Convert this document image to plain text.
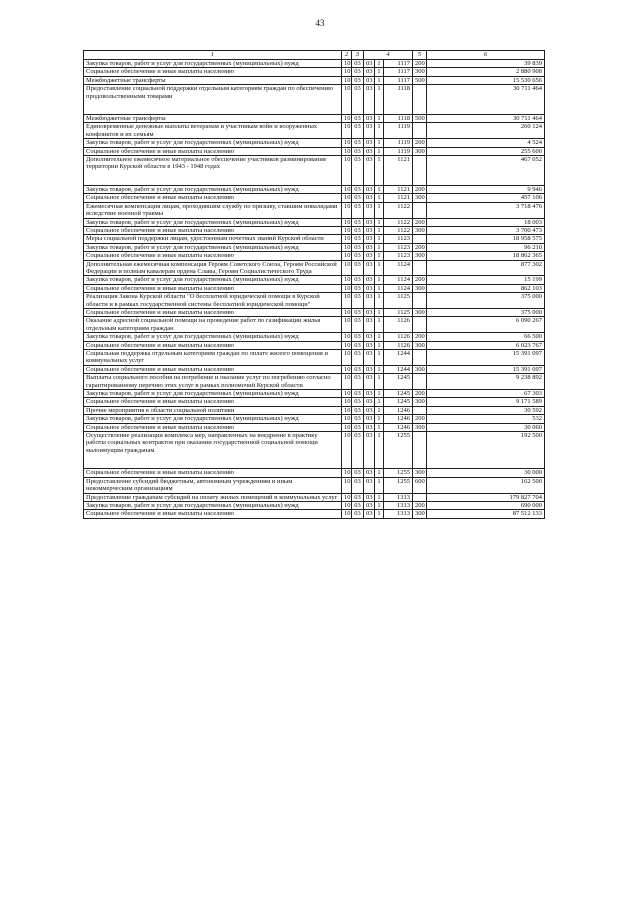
43
1	2	3	4			5	6
Закупка товаров, работ и услуг для государственных (муниципальных) нужд	10	03	03	1	1117	200	39 839
Социальное обеспечение и иные выплаты населению	10	03	03	1	1117	300	2 880 908
Межбюджетные трансферты	10	03	03	1	1117	500	15 530 656
Предоставление социальной поддержки отдельным категориям граждан по обеспечению продовольственными товарами	10	03	03	1	1118		30 711 464
Межбюджетные трансферты	10	03	03	1	1118	500	30 711 464
Единовременные денежные выплаты ветеранам и участникам войн и вооруженных конфликтов и их семьям	10	03	03	1	1119		260 124
Закупка товаров, работ и услуг для государственных (муниципальных) нужд	10	03	03	1	1119	200	4 524
Социальное обеспечение и иные выплаты населению	10	03	03	1	1119	300	255 600
Дополнительное ежемесячное материальное обеспечение участников разминирования территории Курской области в 1943 - 1948 годах	10	03	03	1	1121		467 052
Закупка товаров, работ и услуг для государственных (муниципальных) нужд	10	03	03	1	1121	200	9 946
Социальное обеспечение и иные выплаты населению	10	03	03	1	1121	300	457 106
Ежемесячная компенсация лицам, проходившим службу по призыву, ставшим инвалидами вследствие военной травмы	10	03	03	1	1122		3 718 476
Закупка товаров, работ и услуг для государственных (муниципальных) нужд	10	03	03	1	1122	200	18 003
Социальное обеспечение и иные выплаты населению	10	03	03	1	1122	300	3 700 473
Меры социальной поддержки лицам, удостоенным почетных званий Курской области	10	03	03	1	1123		18 958 575
Закупка товаров, работ и услуг для государственных (муниципальных) нужд	10	03	03	1	1123	200	96 210
Социальное обеспечение и иные выплаты населению	10	03	03	1	1123	300	18 862 365
Дополнительная ежемесячная компенсация Героям Советского Союза, Героям Российской Федерации и полным кавалерам ордена Славы, Героям Социалистического Труда	10	03	03	1	1124		877 302
Закупка товаров, работ и услуг для государственных (муниципальных) нужд	10	03	03	1	1124	200	15 199
Социальное обеспечение и иные выплаты населению	10	03	03	1	1124	300	862 103
Реализация Закона Курской области "О бесплатной юридической помощи в Курской области и в рамках государственной системы бесплатной юридической помощи"	10	03	03	1	1125		375 000
Социальное обеспечение и иные выплаты населению	10	03	03	1	1125	300	375 000
Оказание адресной социальной помощи на проведение работ по газификации жилья отдельным категориям граждан	10	03	03	1	1126		6 090 267
Закупка товаров, работ и услуг для государственных (муниципальных) нужд	10	03	03	1	1126	200	66 500
Социальное обеспечение и иные выплаты населению	10	03	03	1	1126	300	6 023 767
Социальная поддержка отдельным категориям граждан по оплате жилого помещения и коммунальных услуг	10	03	03	1	1244		15 391 097
Социальное обеспечение и иные выплаты населению	10	03	03	1	1244	300	15 391 097
Выплаты социального пособия на погребение и оказание услуг по погребению согласно гарантированному перечню этих услуг в рамках полномочий Курской области	10	03	03	1	1245		9 238 892
Закупка товаров, работ и услуг для государственных (муниципальных) нужд	10	03	03	1	1245	200	67 303
Социальное обеспечение и иные выплаты населению	10	03	03	1	1245	300	9 171 589
Прочие мероприятия в области социальной политики	10	03	03	1	1246		30 592
Закупка товаров, работ и услуг для государственных (муниципальных) нужд	10	03	03	1	1246	200	532
Социальное обеспечение и иные выплаты населению	10	03	03	1	1246	300	30 060
Осуществление реализации комплекса мер, направленных на внедрение в практику работы социальных контрактов при оказании государственной социальной помощи малоимущим гражданам	10	03	03	1	1255		192 500
Социальное обеспечение и иные выплаты населению	10	03	03	1	1255	300	30 000
Предоставление субсидий бюджетным, автономным учреждениям и иным некоммерческим организациям	10	03	03	1	1255	600	162 500
Предоставление гражданам субсидий на оплату жилых помещений и коммунальных услуг	10	03	03	1	1313		179 827 704
Закупка товаров, работ и услуг для государственных (муниципальных) нужд	10	03	03	1	1313	200	690 000
Социальное обеспечение и иные выплаты населению	10	03	03	1	1313	300	87 512 133
